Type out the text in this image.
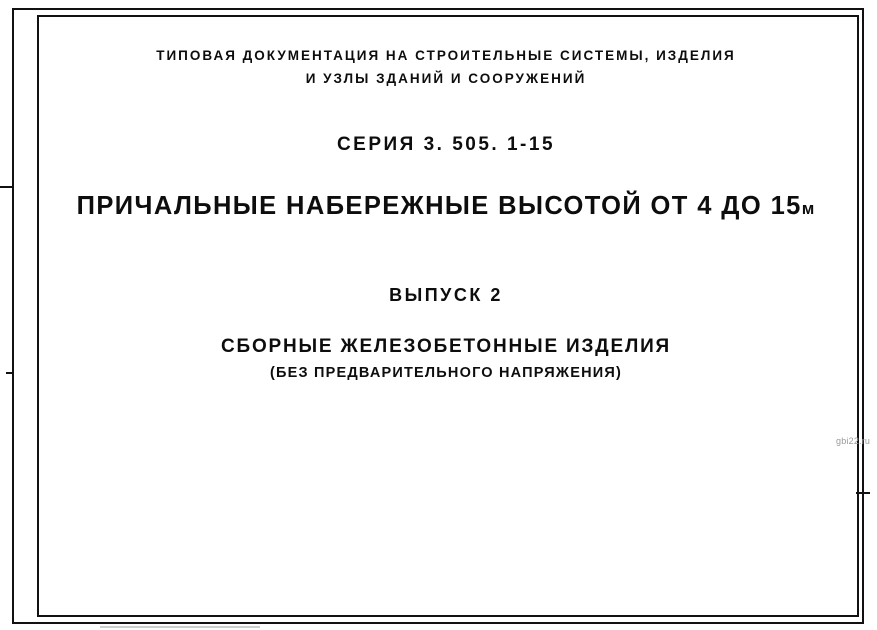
ТИПОВАЯ ДОКУМЕНТАЦИЯ НА СТРОИТЕЛЬНЫЕ СИСТЕМЫ, ИЗДЕЛИЯ
И УЗЛЫ ЗДАНИЙ И СООРУЖЕНИЙ
СЕРИЯ 3. 505. 1-15
ПРИЧАЛЬНЫЕ НАБЕРЕЖНЫЕ ВЫСОТОЙ ОТ 4 ДО 15м
ВЫПУСК 2
СБОРНЫЕ ЖЕЛЕЗОБЕТОННЫЕ ИЗДЕЛИЯ
(БЕЗ ПРЕДВАРИТЕЛЬНОГО НАПРЯЖЕНИЯ)
gbi22.ru
